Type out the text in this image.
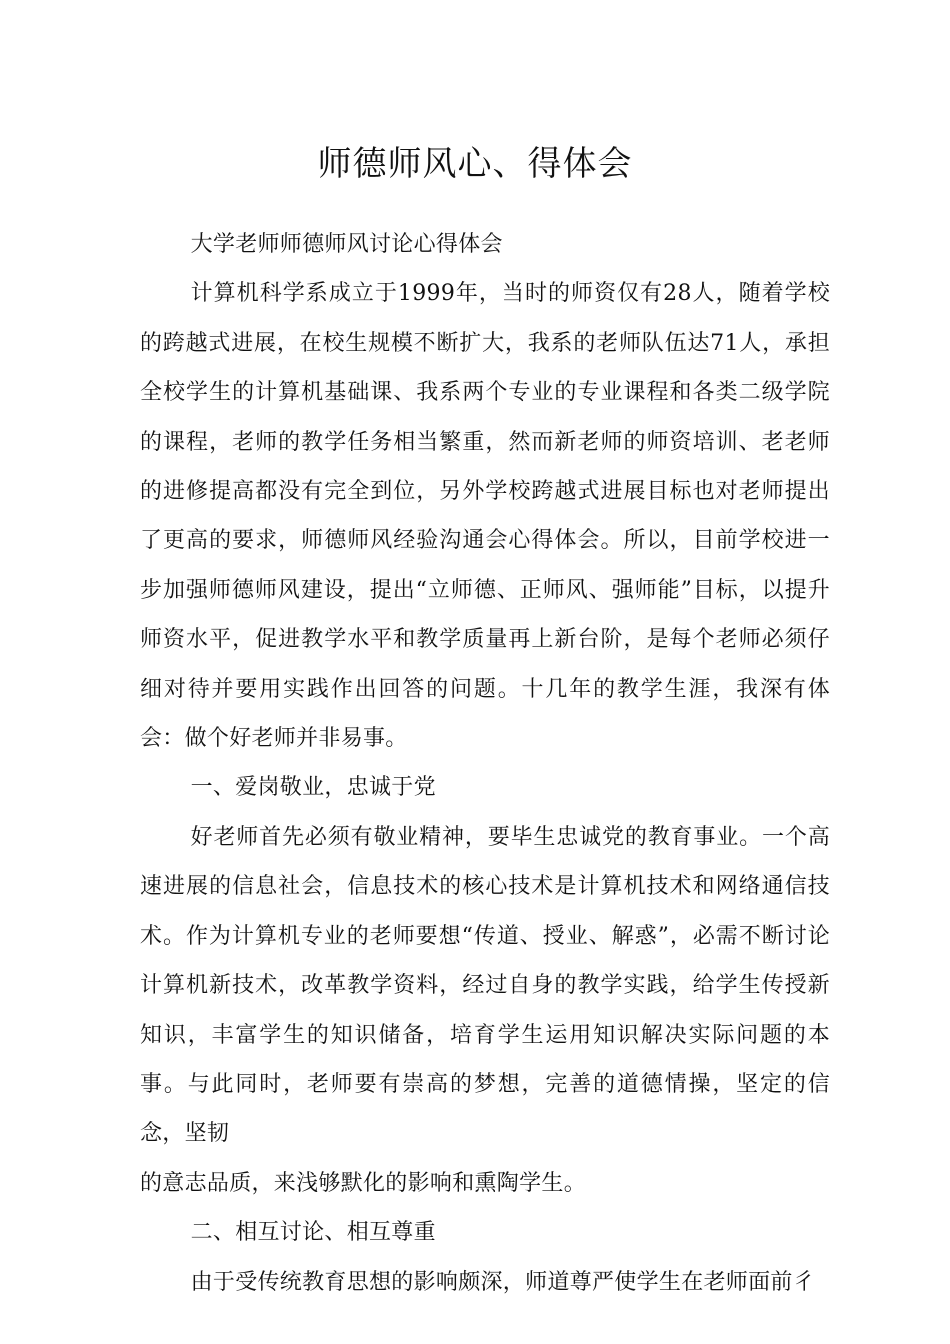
师德师风心、得体会

大学老师师德师风讨论心得体会

计算机科学系成立于1999年，当时的师资仅有28人，随着学校的跨越式进展，在校生规模不断扩大，我系的老师队伍达71人，承担全校学生的计算机基础课、我系两个专业的专业课程和各类二级学院的课程，老师的教学任务相当繁重，然而新老师的师资培训、老老师的进修提高都没有完全到位，另外学校跨越式进展目标也对老师提出了更高的要求，师德师风经验沟通会心得体会。所以，目前学校进一步加强师德师风建设，提出“立师德、正师风、强师能”目标，以提升师资水平，促进教学水平和教学质量再上新台阶，是每个老师必须仔细对待并要用实践作出回答的问题。十几年的教学生涯，我深有体会：做个好老师并非易事。

一、爱岗敬业，忠诚于党

好老师首先必须有敬业精神，要毕生忠诚党的教育事业。一个高速进展的信息社会，信息技术的核心技术是计算机技术和网络通信技术。作为计算机专业的老师要想“传道、授业、解惑”，必需不断讨论计算机新技术，改革教学资料，经过自身的教学实践，给学生传授新知识，丰富学生的知识储备，培育学生运用知识解决实际问题的本事。与此同时，老师要有崇高的梦想，完善的道德情操，坚定的信念，坚韧

的意志品质，来浅够默化的影响和熏陶学生。

二、相互讨论、相互尊重

由于受传统教育思想的影响颇深，师道尊严使学生在老师面前彳
